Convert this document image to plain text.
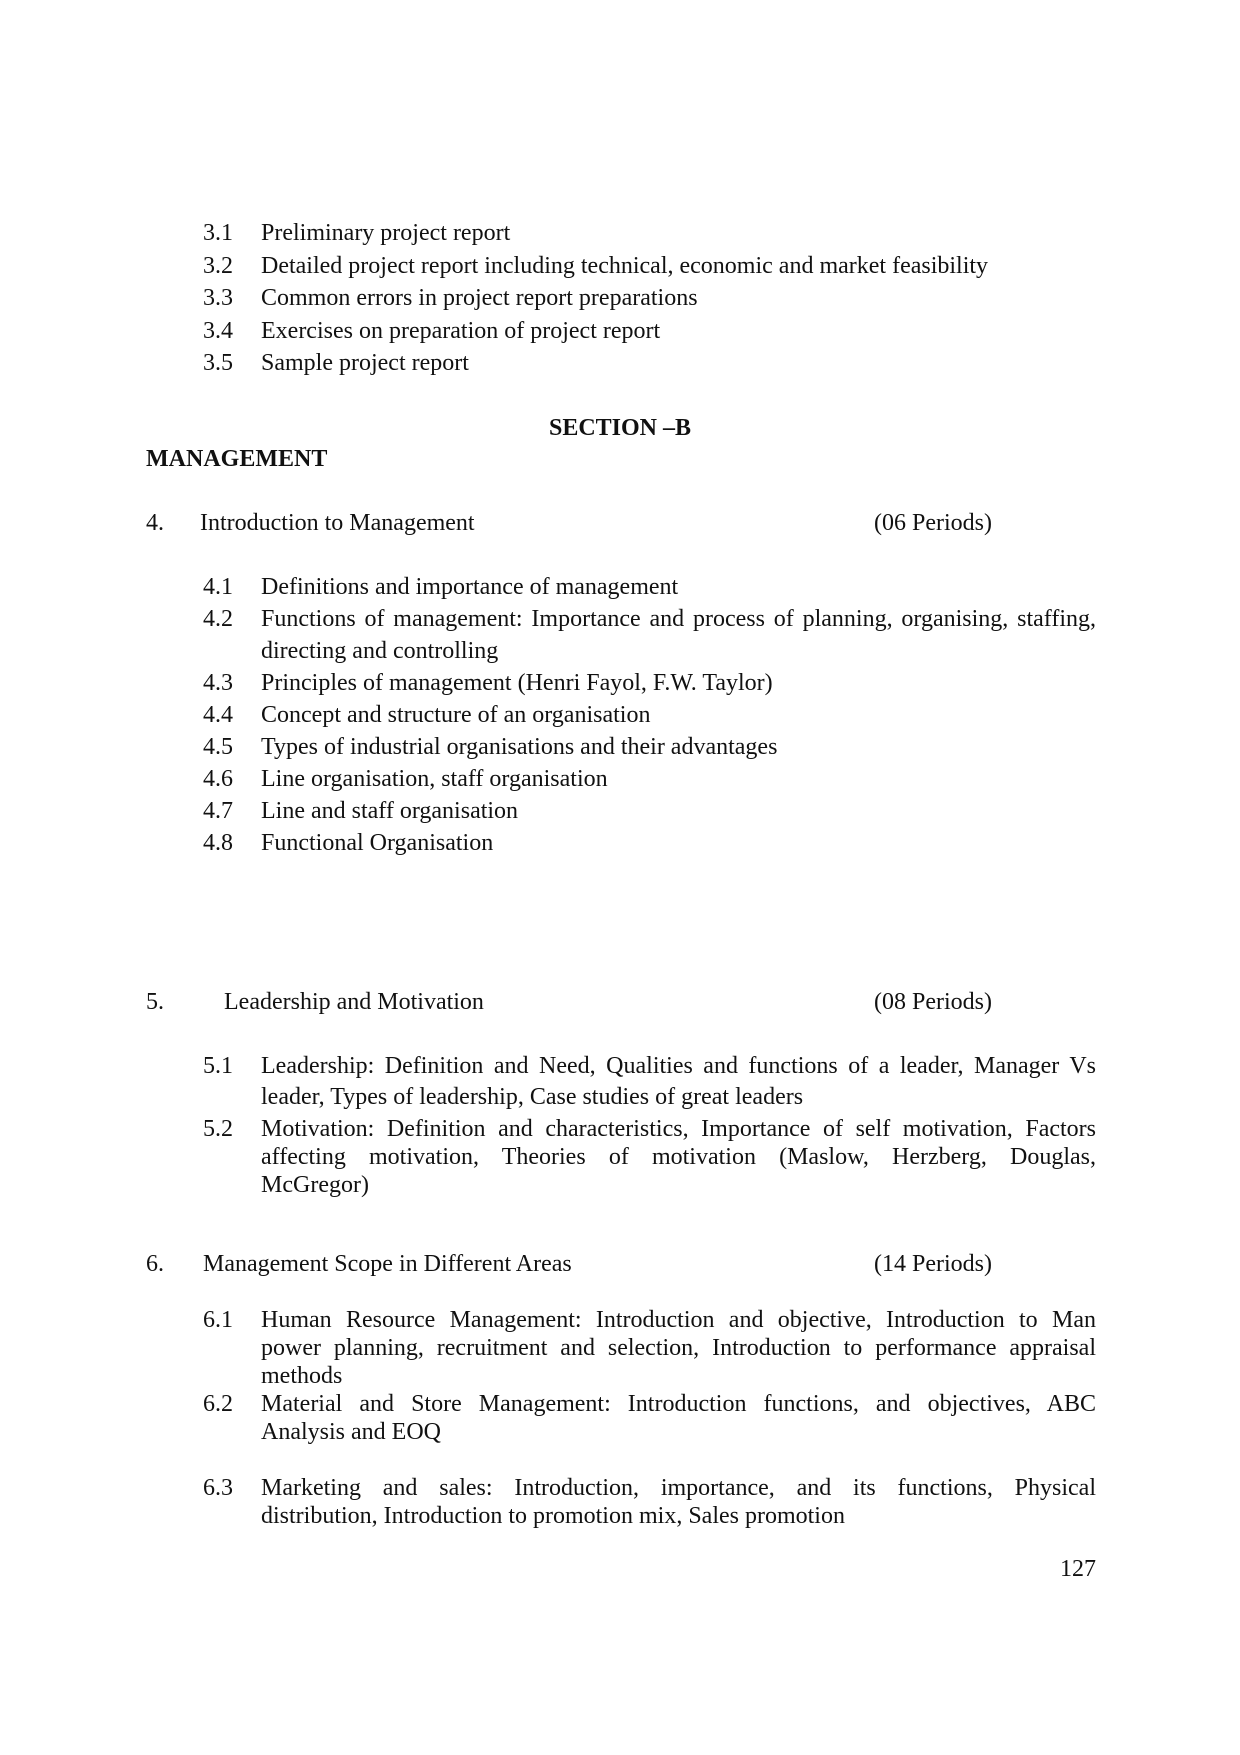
3.1 Preliminary project report
3.2 Detailed project report including technical, economic and market feasibility
3.3 Common errors in project report preparations
3.4 Exercises on preparation of project report
3.5 Sample project report
SECTION –B
MANAGEMENT
4. Introduction to Management	(06 Periods)
4.1 Definitions and importance of management
4.2 Functions of management: Importance and process of planning, organising, staffing,
directing and controlling
4.3 Principles of management (Henri Fayol, F.W. Taylor)
4.4 Concept and structure of an organisation
4.5 Types of industrial organisations and their advantages
4.6 Line organisation, staff organisation
4.7 Line and staff organisation
4.8 Functional Organisation
5.	Leadership and Motivation	(08 Periods)
5.1 Leadership: Definition and Need, Qualities and functions of a leader, Manager Vs
leader, Types of leadership, Case studies of great leaders
5.2 Motivation: Definition and characteristics, Importance of self motivation, Factors
affecting motivation, Theories of motivation (Maslow, Herzberg, Douglas,
McGregor)
6. Management Scope in Different Areas	(14 Periods)
6.1 Human Resource Management: Introduction and objective, Introduction to Man
power planning, recruitment and selection, Introduction to performance appraisal
methods
6.2 Material and Store Management: Introduction functions, and objectives, ABC
Analysis and EOQ
6.3 Marketing and sales: Introduction, importance, and its functions, Physical
distribution, Introduction to promotion mix, Sales promotion
127
